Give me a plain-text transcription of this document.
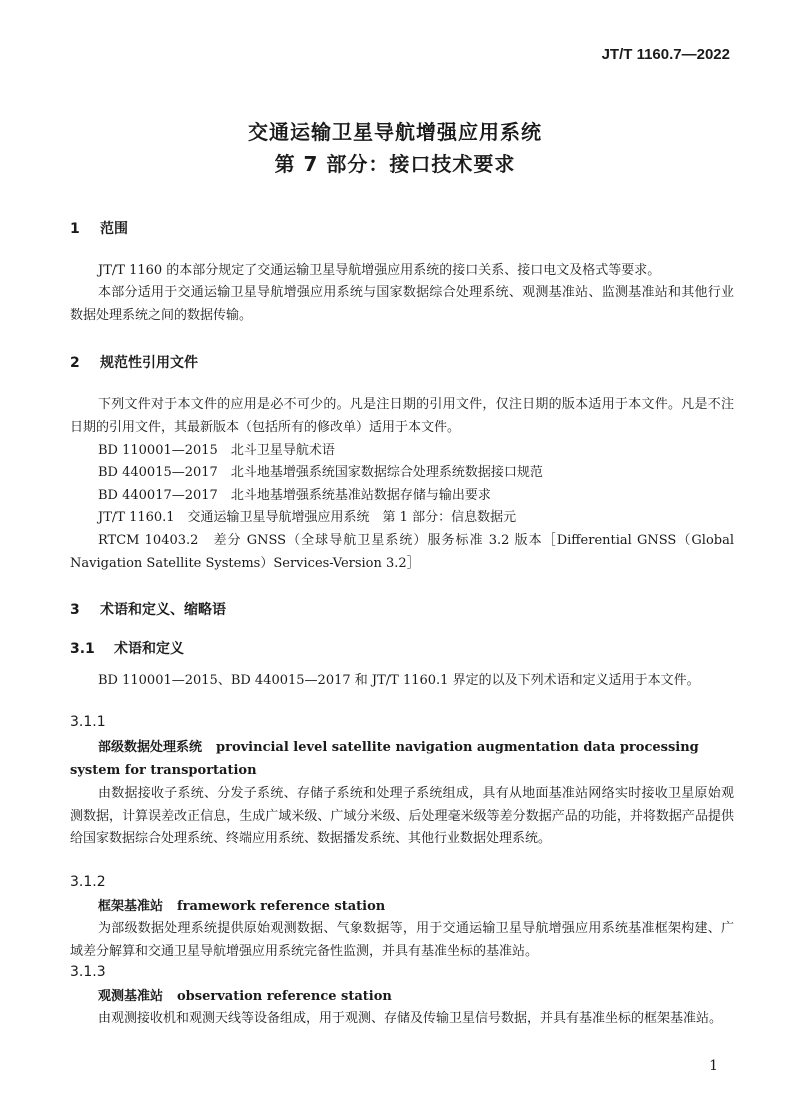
JT/T 1160.7—2022
交通运输卫星导航增强应用系统
第 7 部分：接口技术要求
1 范围
JT/T 1160 的本部分规定了交通运输卫星导航增强应用系统的接口关系、接口电文及格式等要求。
本部分适用于交通运输卫星导航增强应用系统与国家数据综合处理系统、观测基准站、监测基准站和其他行业数据处理系统之间的数据传输。
2 规范性引用文件
下列文件对于本文件的应用是必不可少的。凡是注日期的引用文件，仅注日期的版本适用于本文件。凡是不注日期的引用文件，其最新版本（包括所有的修改单）适用于本文件。
BD 110001—2015　北斗卫星导航术语
BD 440015—2017　北斗地基增强系统国家数据综合处理系统数据接口规范
BD 440017—2017　北斗地基增强系统基准站数据存储与输出要求
JT/T 1160.1　交通运输卫星导航增强应用系统　第 1 部分：信息数据元
RTCM 10403.2　差分 GNSS（全球导航卫星系统）服务标准 3.2 版本［Differential GNSS（Global Navigation Satellite Systems）Services-Version 3.2］
3 术语和定义、缩略语
3.1 术语和定义
BD 110001—2015、BD 440015—2017 和 JT/T 1160.1 界定的以及下列术语和定义适用于本文件。
3.1.1
部级数据处理系统 provincial level satellite navigation augmentation data processing system for transportation
由数据接收子系统、分发子系统、存储子系统和处理子系统组成，具有从地面基准站网络实时接收卫星原始观测数据，计算误差改正信息，生成广域米级、广域分米级、后处理毫米级等差分数据产品的功能，并将数据产品提供给国家数据综合处理系统、终端应用系统、数据播发系统、其他行业数据处理系统。
3.1.2
框架基准站 framework reference station
为部级数据处理系统提供原始观测数据、气象数据等，用于交通运输卫星导航增强应用系统基准框架构建、广域差分解算和交通卫星导航增强应用系统完备性监测，并具有基准坐标的基准站。
3.1.3
观测基准站 observation reference station
由观测接收机和观测天线等设备组成，用于观测、存储及传输卫星信号数据，并具有基准坐标的框架基准站。
1
